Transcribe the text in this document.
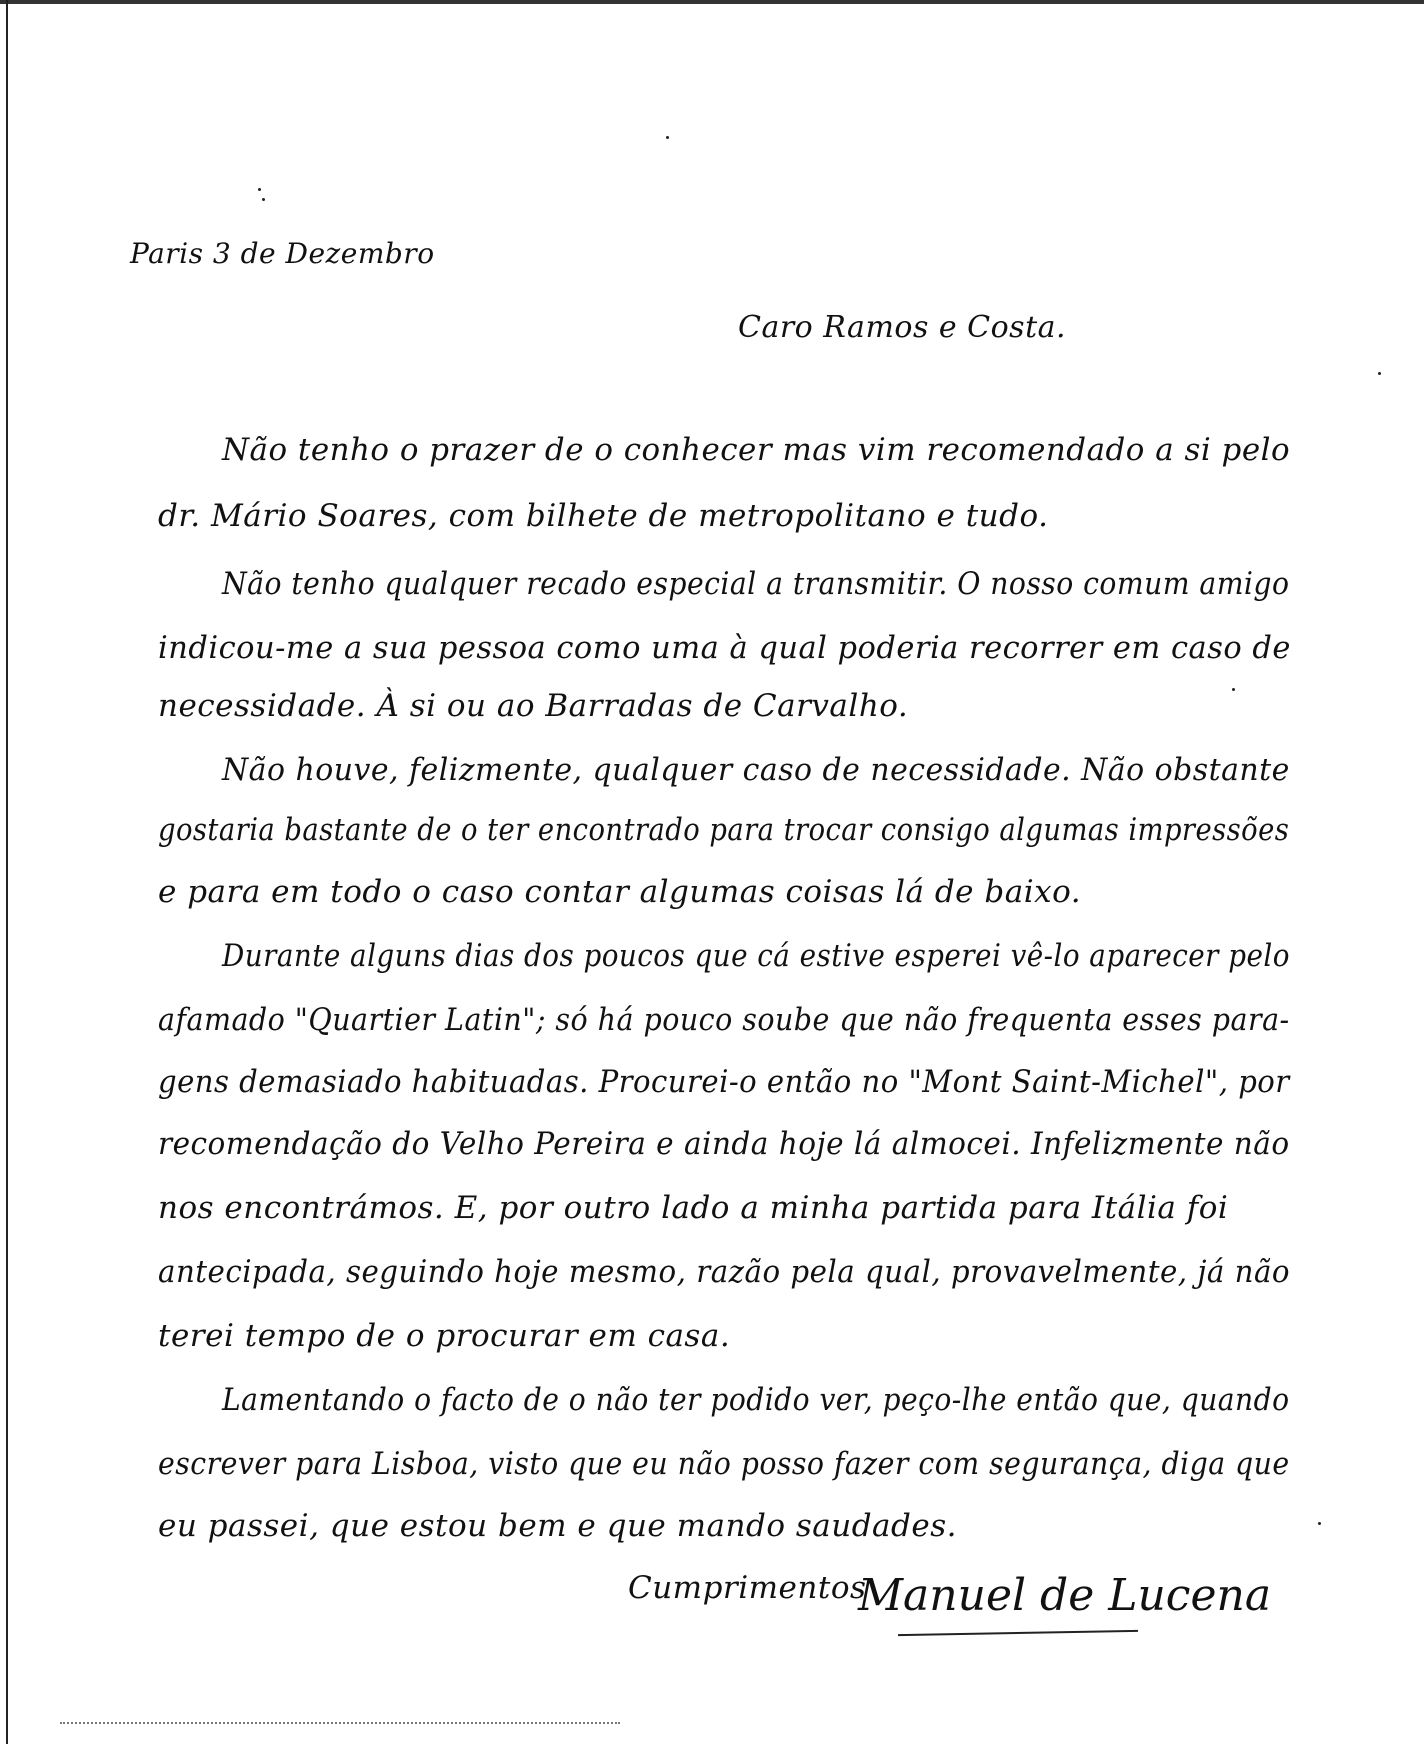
Paris 3 de Dezembro
Caro Ramos e Costa.
Não tenho o prazer de o conhecer mas vim recomendado a si pelo
dr. Mário Soares, com bilhete de metropolitano e tudo.
Não tenho qualquer recado especial a transmitir. O nosso comum amigo
indicou-me a sua pessoa como uma à qual poderia recorrer em caso de
necessidade. À si ou ao Barradas de Carvalho.
Não houve, felizmente, qualquer caso de necessidade. Não obstante
gostaria bastante de o ter encontrado para trocar consigo algumas impressões
e para em todo o caso contar algumas coisas lá de baixo.
Durante alguns dias dos poucos que cá estive esperei vê-lo aparecer pelo
afamado "Quartier Latin"; só há pouco soube que não frequenta esses para-
gens demasiado habituadas. Procurei-o então no "Mont Saint-Michel", por
recomendação do Velho Pereira e ainda hoje lá almocei. Infelizmente não
nos encontrámos. E, por outro lado a minha partida para Itália foi
antecipada, seguindo hoje mesmo, razão pela qual, provavelmente, já não
terei tempo de o procurar em casa.
Lamentando o facto de o não ter podido ver, peço-lhe então que, quando
escrever para Lisboa, visto que eu não posso fazer com segurança, diga que
eu passei, que estou bem e que mando saudades.
Cumprimentos
Manuel de Lucena
